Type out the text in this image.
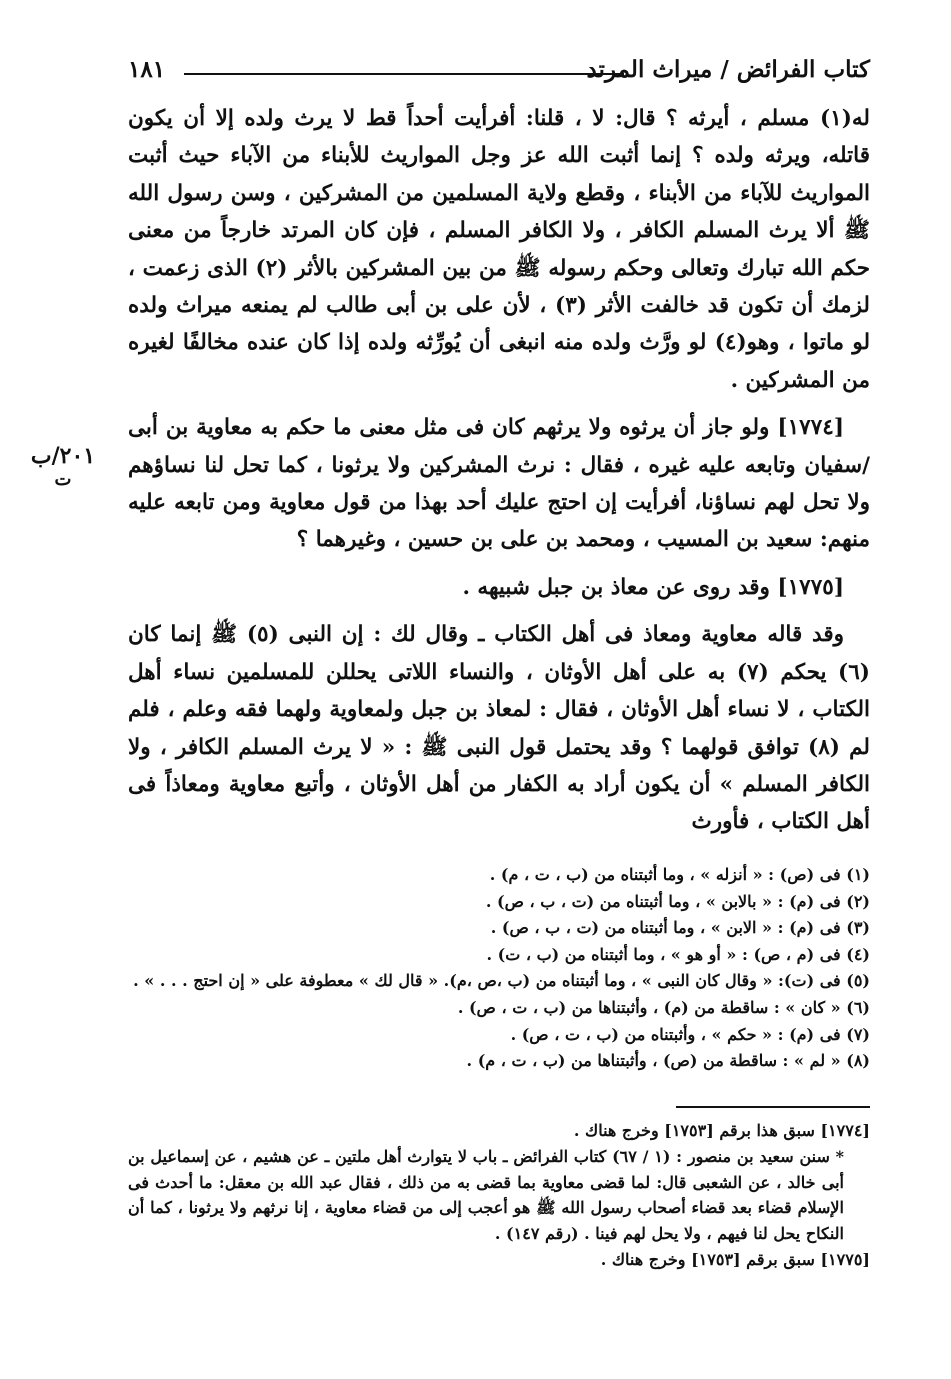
كتاب الفرائض / ميراث المرتد
١٨١
٢٠١/ب
ت

له(١) مسلم ، أيرثه ؟ قال: لا ، قلنا: أفرأيت أحداً قط لا يرث ولده إلا أن يكون قاتله، ويرثه ولده ؟ إنما أثبت الله عز وجل المواريث للأبناء من الآباء حيث أثبت المواريث للآباء من الأبناء ، وقطع ولاية المسلمين من المشركين ، وسن رسول الله ﷺ ألا يرث المسلم الكافر ، ولا الكافر المسلم ، فإن كان المرتد خارجاً من معنى حكم الله تبارك وتعالى وحكم رسوله ﷺ من بين المشركين بالأثر (٢) الذى زعمت ، لزمك أن تكون قد خالفت الأثر (٣) ، لأن على بن أبى طالب لم يمنعه ميراث ولده لو ماتوا ، وهو(٤) لو ورَّث ولده منه انبغى أن يُورِّثه ولده إذا كان عنده مخالفًا لغيره من المشركين .

[١٧٧٤] ولو جاز أن يرثوه ولا يرثهم كان فى مثل معنى ما حكم به معاوية بن أبى /سفيان وتابعه عليه غيره ، فقال : نرث المشركين ولا يرثونا ، كما تحل لنا نساؤهم ولا تحل لهم نساؤنا، أفرأيت إن احتج عليك أحد بهذا من قول معاوية ومن تابعه عليه منهم: سعيد بن المسيب ، ومحمد بن على بن حسين ، وغيرهما ؟

[١٧٧٥] وقد روى عن معاذ بن جبل شبيهه .

وقد قاله معاوية ومعاذ فى أهل الكتاب ـ وقال لك : إن النبى (٥) ﷺ إنما كان (٦) يحكم (٧) به على أهل الأوثان ، والنساء اللاتى يحللن للمسلمين نساء أهل الكتاب ، لا نساء أهل الأوثان ، فقال : لمعاذ بن جبل ولمعاوية ولهما فقه وعلم ، فلم لم (٨) توافق قولهما ؟ وقد يحتمل قول النبى ﷺ : « لا يرث المسلم الكافر ، ولا الكافر المسلم » أن يكون أراد به الكفار من أهل الأوثان ، وأتبع معاوية ومعاذاً فى أهل الكتاب ، فأورث

(١) فى (ص) : « أنزله » ، وما أثبتناه من (ب ، ت ، م) .
(٢) فى (م) : « بالابن » ، وما أثبتناه من (ت ، ب ، ص) .
(٣) فى (م) : « الابن » ، وما أثبتناه من (ت ، ب ، ص) .
(٤) فى (م ، ص) : « أو هو » ، وما أثبتناه من (ب ، ت) .
(٥) فى (ت): « وقال كان النبى » ، وما أثبتناه من (ب ،ص ،م). « قال لك » معطوفة على « إن احتج . . . » .
(٦) « كان » : ساقطة من (م) ، وأثبتناها من (ب ، ت ، ص) .
(٧) فى (م) : « حكم » ، وأثبتناه من (ب ، ت ، ص) .
(٨) « لم » : ساقطة من (ص) ، وأثبتناها من (ب ، ت ، م) .

[١٧٧٤] سبق هذا برقم [١٧٥٣] وخرج هناك .

* سنن سعيد بن منصور : (١ / ٦٧) كتاب الفرائض ـ باب لا يتوارث أهل ملتين ـ عن هشيم ، عن إسماعيل بن أبى خالد ، عن الشعبى قال: لما قضى معاوية بما قضى به من ذلك ، فقال عبد الله بن معقل: ما أحدث فى الإسلام قضاء بعد قضاء أصحاب رسول الله ﷺ هو أعجب إلى من قضاء معاوية ، إنا نرثهم ولا يرثونا ، كما أن النكاح يحل لنا فيهم ، ولا يحل لهم فينا . (رقم ١٤٧) .

[١٧٧٥] سبق برقم [١٧٥٣] وخرج هناك .
